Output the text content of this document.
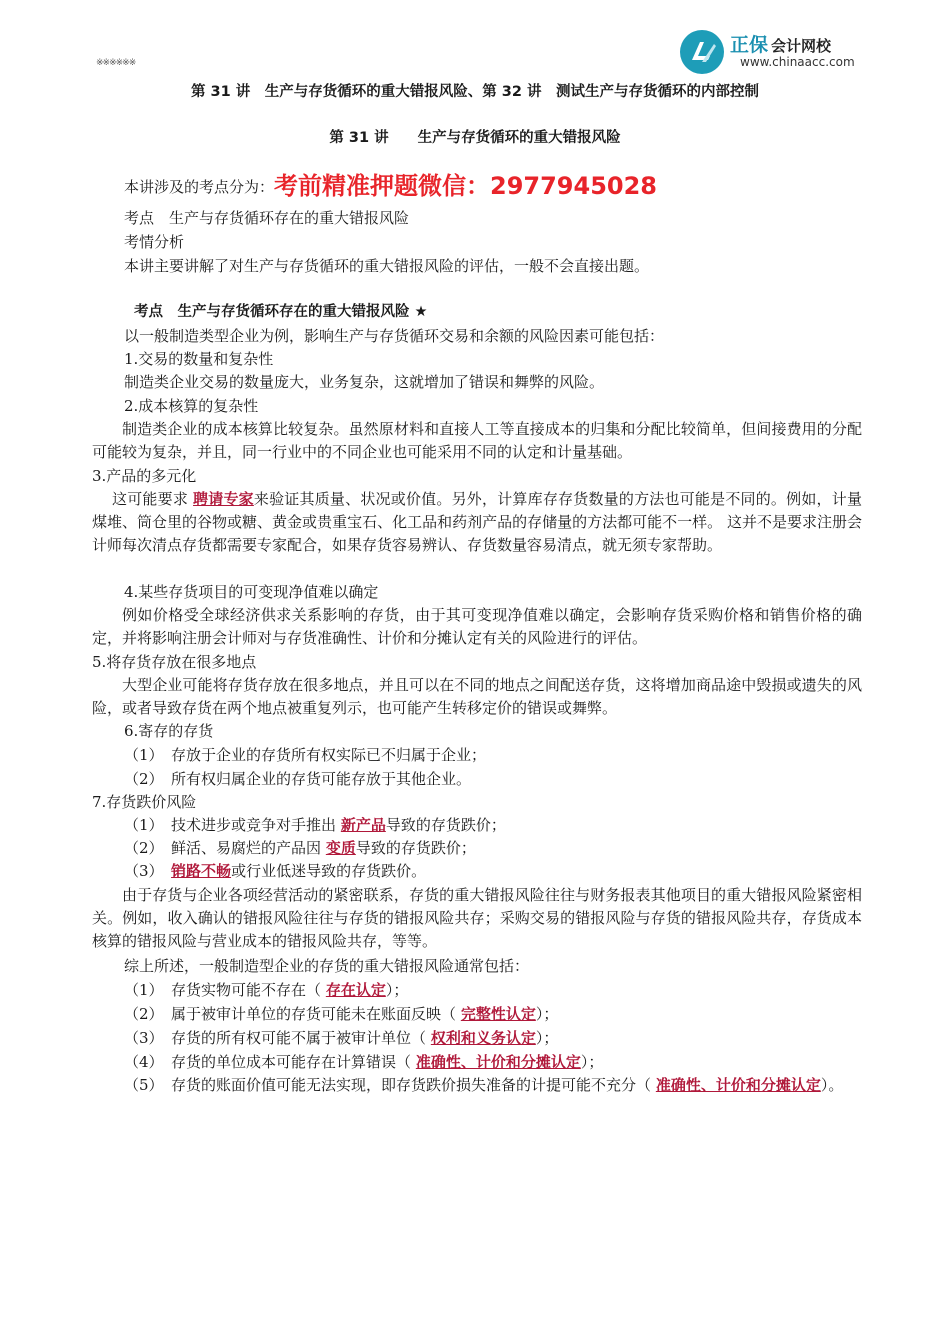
※※※※※※
正保 会计网校
www.chinaacc.com
第 31 讲　生产与存货循环的重大错报风险、第 32 讲　测试生产与存货循环的内部控制
第 31 讲　　生产与存货循环的重大错报风险
本讲涉及的考点分为：考前精准押题微信：2977945028
考点　生产与存货循环存在的重大错报风险
考情分析
本讲主要讲解了对生产与存货循环的重大错报风险的评估，一般不会直接出题。
考点　生产与存货循环存在的重大错报风险 ★
以一般制造类型企业为例，影响生产与存货循环交易和余额的风险因素可能包括：
1.交易的数量和复杂性
制造类企业交易的数量庞大，业务复杂，这就增加了错误和舞弊的风险。
2.成本核算的复杂性
制造类企业的成本核算比较复杂。虽然原材料和直接人工等直接成本的归集和分配比较简单，但间接费用的分配可能较为复杂，并且，同一行业中的不同企业也可能采用不同的认定和计量基础。
3.产品的多元化
这可能要求 聘请专家来验证其质量、状况或价值。另外，计算库存存货数量的方法也可能是不同的。例如，计量煤堆、筒仓里的谷物或糖、黄金或贵重宝石、化工品和药剂产品的存储量的方法都可能不一样。 这并不是要求注册会计师每次清点存货都需要专家配合，如果存货容易辨认、存货数量容易清点，就无须专家帮助。
4.某些存货项目的可变现净值难以确定
例如价格受全球经济供求关系影响的存货，由于其可变现净值难以确定，会影响存货采购价格和销售价格的确定，并将影响注册会计师对与存货准确性、计价和分摊认定有关的风险进行的评估。
5.将存货存放在很多地点
大型企业可能将存货存放在很多地点，并且可以在不同的地点之间配送存货，这将增加商品途中毁损或遗失的风险，或者导致存货在两个地点被重复列示，也可能产生转移定价的错误或舞弊。
6.寄存的存货
（1）　存放于企业的存货所有权实际已不归属于企业；
（2）　所有权归属企业的存货可能存放于其他企业。
7.存货跌价风险
（1）　技术进步或竞争对手推出 新产品导致的存货跌价；
（2）　鲜活、易腐烂的产品因 变质导致的存货跌价；
（3）　销路不畅或行业低迷导致的存货跌价。
由于存货与企业各项经营活动的紧密联系，存货的重大错报风险往往与财务报表其他项目的重大错报风险紧密相关。例如，收入确认的错报风险往往与存货的错报风险共存；采购交易的错报风险与存货的错报风险共存，存货成本核算的错报风险与营业成本的错报风险共存，等等。
综上所述，一般制造型企业的存货的重大错报风险通常包括：
（1）　存货实物可能不存在（ 存在认定）；
（2）　属于被审计单位的存货可能未在账面反映（ 完整性认定）；
（3）　存货的所有权可能不属于被审计单位（ 权利和义务认定）；
（4）　存货的单位成本可能存在计算错误（ 准确性、计价和分摊认定）；
（5）　存货的账面价值可能无法实现，即存货跌价损失准备的计提可能不充分（ 准确性、计价和分摊认定）。
